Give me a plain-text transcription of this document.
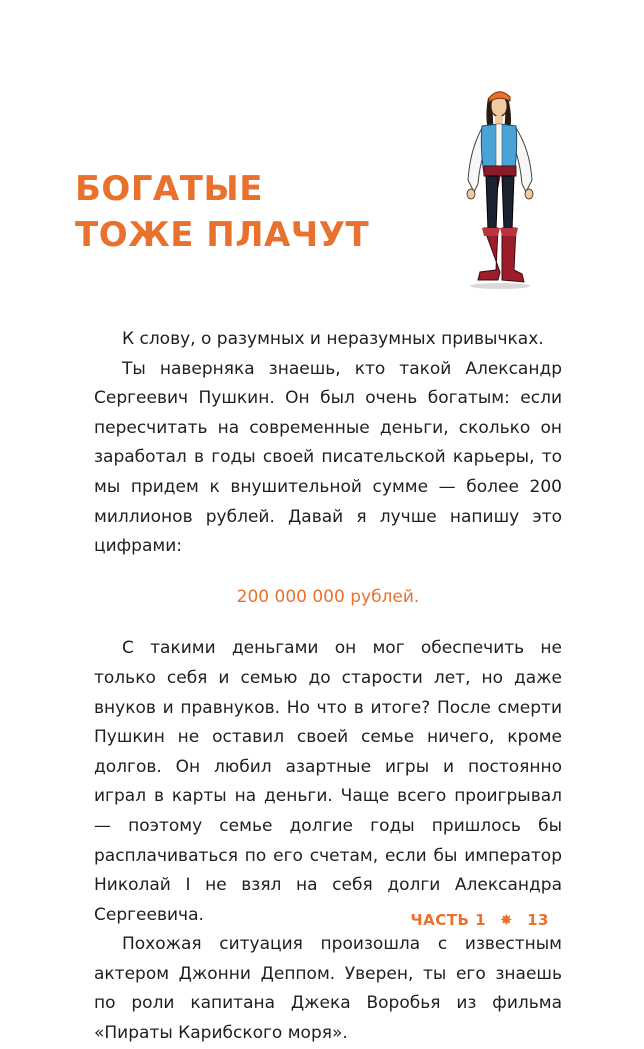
БОГАТЫЕ
ТОЖЕ ПЛАЧУТ

К слову, о разумных и неразумных привычках.

Ты наверняка знаешь, кто такой Александр Сергеевич Пушкин. Он был очень богатым: если пересчитать на современные деньги, сколько он заработал в годы своей писательской карьеры, то мы придем к внушительной сумме — более 200 миллионов рублей. Давай я лучше напишу это цифрами:

200 000 000 рублей.

С такими деньгами он мог обеспечить не только себя и семью до старости лет, но даже внуков и правнуков. Но что в итоге? После смерти Пушкин не оставил своей семье ничего, кроме долгов. Он любил азартные игры и постоянно играл в карты на деньги. Чаще всего проигрывал — поэтому семье долгие годы пришлось бы расплачиваться по его счетам, если бы император Николай I не взял на себя долги Александра Сергеевича.

Похожая ситуация произошла с известным актером Джонни Деппом. Уверен, ты его знаешь по роли капитана Джека Воробья из фильма «Пираты Карибского моря».

ЧАСТЬ 1 ✸ 13
